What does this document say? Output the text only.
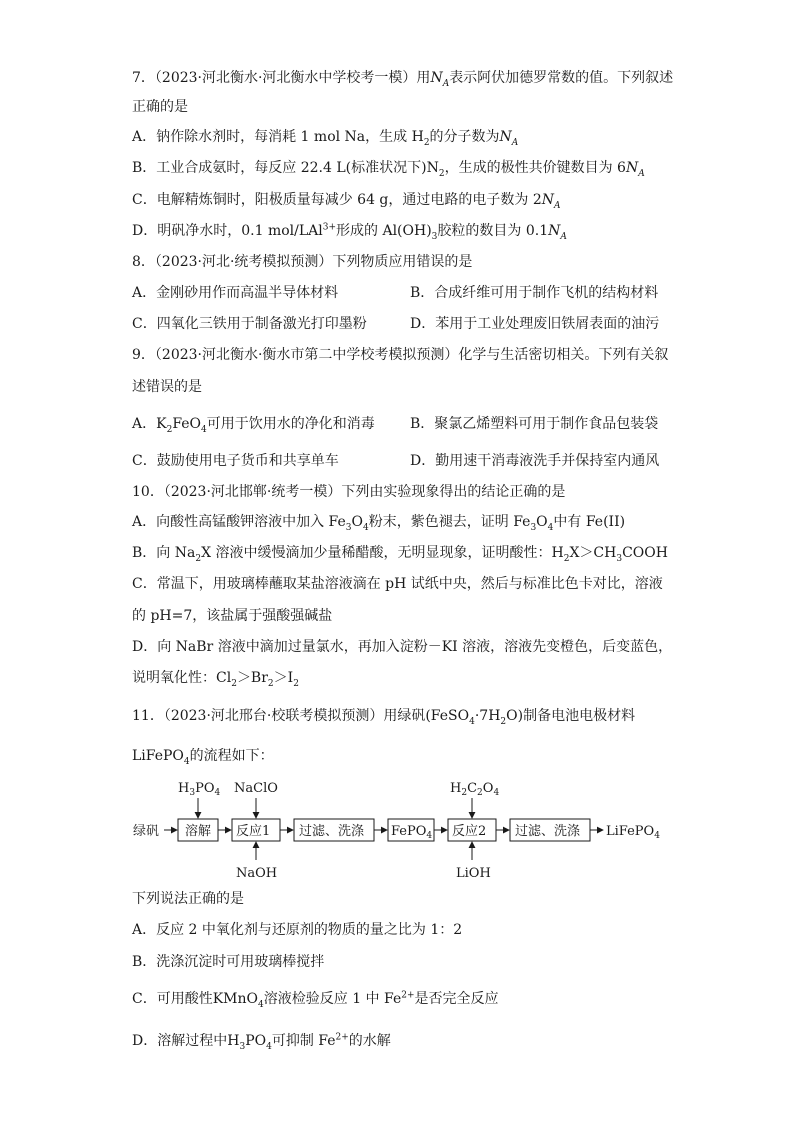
7．（2023·河北衡水·河北衡水中学校考一模）用$N_A$表示阿伏加德罗常数的值。下列叙述
正确的是
A．钠作除水剂时，每消耗 1 mol Na，生成 $H_2$的分子数为$N_A$
B．工业合成氨时，每反应 22.4 L(标准状况下)$N_2$，生成的极性共价键数目为 $6N_A$
C．电解精炼铜时，阳极质量每减少 64 g，通过电路的电子数为 $2N_A$
D．明矾净水时，0.1 mol/LAl$^{3+}$形成的 $Al(OH)_3$胶粒的数目为 $0.1N_A$
8．（2023·河北·统考模拟预测）下列物质应用错误的是
A．金刚砂用作而高温半导体材料	B．合成纤维可用于制作飞机的结构材料
C．四氧化三铁用于制备激光打印墨粉	D．苯用于工业处理废旧铁屑表面的油污
9．（2023·河北衡水·衡水市第二中学校考模拟预测）化学与生活密切相关。下列有关叙
述错误的是
A．$K_2FeO_4$可用于饮用水的净化和消毒	B．聚氯乙烯塑料可用于制作食品包装袋
C．鼓励使用电子货币和共享单车	D．勤用速干消毒液洗手并保持室内通风
10．（2023·河北邯郸·统考一模）下列由实验现象得出的结论正确的是
A．向酸性高锰酸钾溶液中加入 $Fe_3O_4$粉末，紫色褪去，证明 $Fe_3O_4$中有 Fe(II)
B．向 $Na_2X$ 溶液中缓慢滴加少量稀醋酸，无明显现象，证明酸性：$H_2X>CH_3COOH$
C．常温下，用玻璃棒蘸取某盐溶液滴在 pH 试纸中央，然后与标准比色卡对比，溶液
的 pH=7，该盐属于强酸强碱盐
D．向 NaBr 溶液中滴加过量氯水，再加入淀粉－KI 溶液，溶液先变橙色，后变蓝色，
说明氧化性：$Cl_2>Br_2>I_2$
11．（2023·河北邢台·校联考模拟预测）用绿矾$(FeSO_4\cdot 7H_2O)$制备电池电极材料
LiFePO$_4$的流程如下：
绿矾 溶解 反应1 过滤、洗涤 FePO$_4$ 反应2 过滤、洗涤 LiFePO$_4$
$H_3PO_4$ NaClO
NaOH
$H_2C_2O_4$
LiOH
下列说法正确的是
A．反应 2 中氧化剂与还原剂的物质的量之比为 1：2
B．洗涤沉淀时可用玻璃棒搅拌
C．可用酸性KMnO$_4$溶液检验反应 1 中 $Fe^{2+}$是否完全反应
D．溶解过程中$H_3PO_4$可抑制 $Fe^{2+}$的水解
